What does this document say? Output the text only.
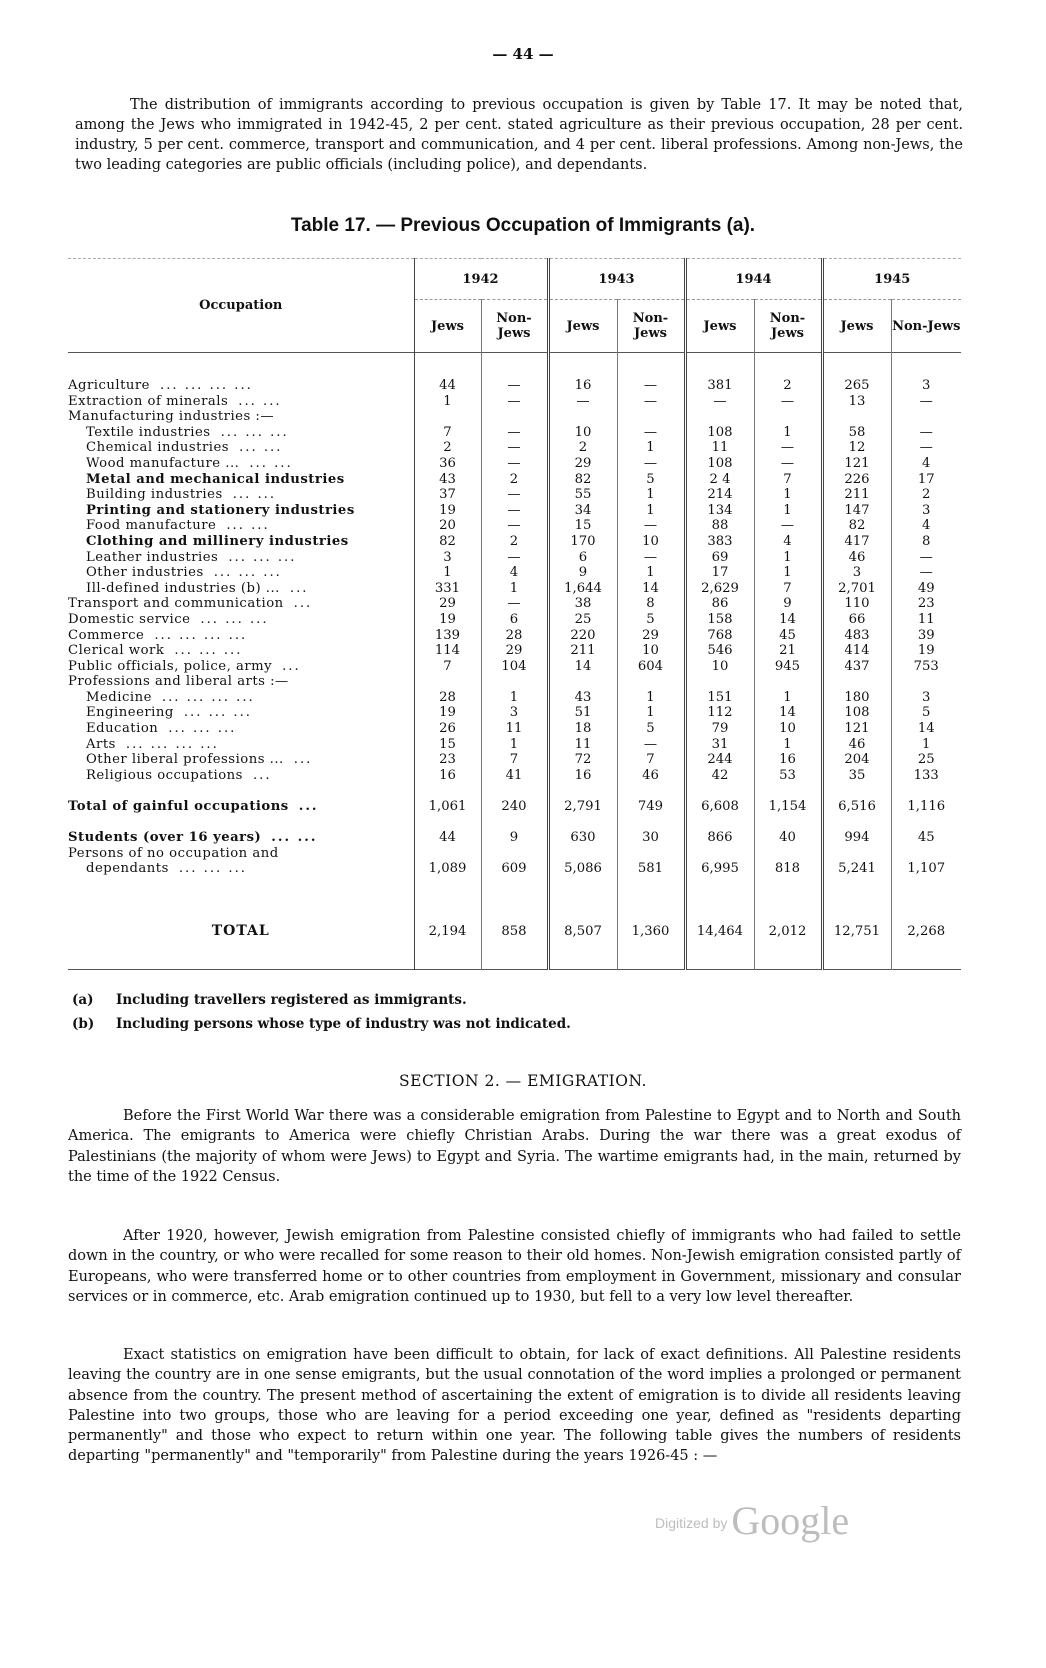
— 44 —
The distribution of immigrants according to previous occupation is given by Table 17. It may be noted that, among the Jews who immigrated in 1942-45, 2 per cent. stated agriculture as their previous occupation, 28 per cent. industry, 5 per cent. commerce, transport and communication, and 4 per cent. liberal professions. Among non-Jews, the two leading categories are public officials (including police), and dependants.
Table 17. — Previous Occupation of Immigrants (a).
Occupation	1942		1943		1944		1945	
	Jews	Non-Jews	Jews	Non-Jews	Jews	Non-Jews	Jews	Non-Jews

Agriculture ... ... ... ...	44	—	16	—	381	2	265	3
Extraction of minerals ... ...	1	—	—	—	—	—	13	—
Manufacturing industries :—								
Textile industries ... ... ...	7	—	10	—	108	1	58	—
Chemical industries ... ...	2	—	2	1	11	—	12	—
Wood manufacture ... ... ...	36	—	29	—	108	—	121	4
Metal and mechanical industries	43	2	82	5	2 4	7	226	17
Building industries ... ...	37	—	55	1	214	1	211	2
Printing and stationery industries	19	—	34	1	134	1	147	3
Food manufacture ... ...	20	—	15	—	88	—	82	4
Clothing and millinery industries	82	2	170	10	383	4	417	8
Leather industries ... ... ...	3	—	6	—	69	1	46	—
Other industries ... ... ...	1	4	9	1	17	1	3	—
Ill-defined industries (b) ... ...	331	1	1,644	14	2,629	7	2,701	49
Transport and communication ...	29	—	38	8	86	9	110	23
Domestic service ... ... ...	19	6	25	5	158	14	66	11
Commerce ... ... ... ...	139	28	220	29	768	45	483	39
Clerical work ... ... ...	114	29	211	10	546	21	414	19
Public officials, police, army ...	7	104	14	604	10	945	437	753
Professions and liberal arts :—								
Medicine ... ... ... ...	28	1	43	1	151	1	180	3
Engineering ... ... ...	19	3	51	1	112	14	108	5
Education ... ... ...	26	11	18	5	79	10	121	14
Arts ... ... ... ...	15	1	11	—	31	1	46	1
Other liberal professions ... ...	23	7	72	7	244	16	204	25
Religious occupations ...	16	41	16	46	42	53	35	133

Total of gainful occupations ...	1,061	240	2,791	749	6,608	1,154	6,516	1,116

Students (over 16 years) ... ...	44	9	630	30	866	40	994	45
Persons of no occupation and								
dependants ... ... ...	1,089	609	5,086	581	6,995	818	5,241	1,107

TOTAL	2,194	858	8,507	1,360	14,464	2,012	12,751	2,268

(a) Including travellers registered as immigrants.
(b) Including persons whose type of industry was not indicated.
SECTION 2. — EMIGRATION.
Before the First World War there was a considerable emigration from Palestine to Egypt and to North and South America. The emigrants to America were chiefly Christian Arabs. During the war there was a great exodus of Palestinians (the majority of whom were Jews) to Egypt and Syria. The wartime emigrants had, in the main, returned by the time of the 1922 Census.
After 1920, however, Jewish emigration from Palestine consisted chiefly of immigrants who had failed to settle down in the country, or who were recalled for some reason to their old homes. Non-Jewish emigration consisted partly of Europeans, who were transferred home or to other countries from employment in Government, missionary and consular services or in commerce, etc. Arab emigration continued up to 1930, but fell to a very low level thereafter.
Exact statistics on emigration have been difficult to obtain, for lack of exact definitions. All Palestine residents leaving the country are in one sense emigrants, but the usual connotation of the word implies a prolonged or permanent absence from the country. The present method of ascertaining the extent of emigration is to divide all residents leaving Palestine into two groups, those who are leaving for a period exceeding one year, defined as "residents departing permanently" and those who expect to return within one year. The following table gives the numbers of residents departing "permanently" and "temporarily" from Palestine during the years 1926-45 : —
Digitized by Google
